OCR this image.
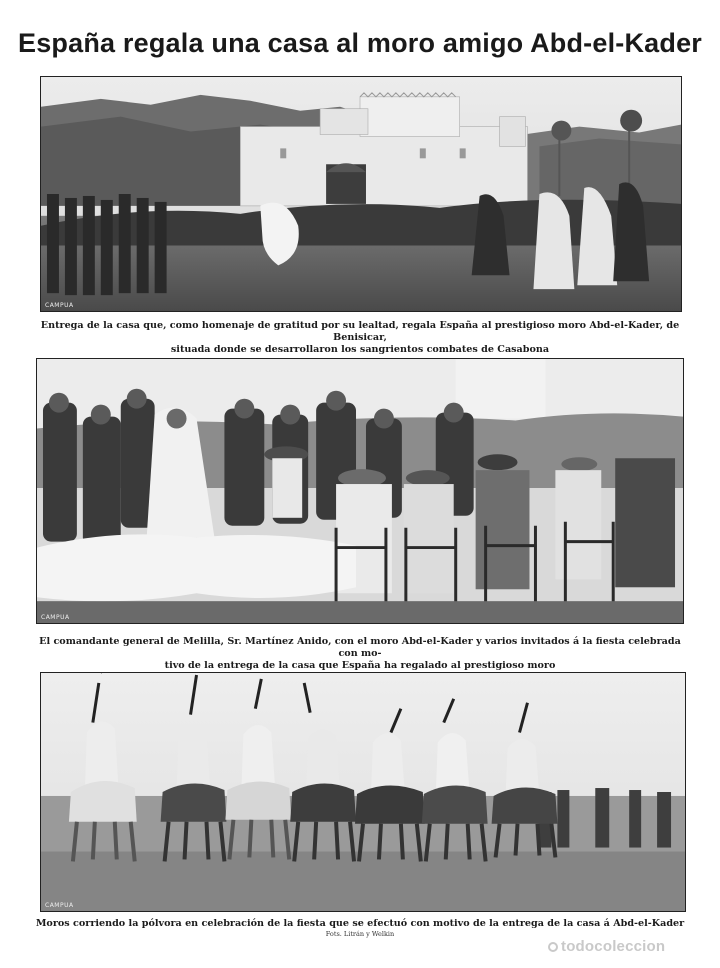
España regala una casa al moro amigo Abd-el-Kader
CAMPUA
Entrega de la casa que, como homenaje de gratitud por su lealtad, regala España al prestigioso moro Abd-el-Kader, de Benisicar,
situada donde se desarrollaron los sangrientos combates de Casabona
CAMPUA
El comandante general de Melilla, Sr. Martínez Anido, con el moro Abd-el-Kader y varios invitados á la fiesta celebrada con mo-
tivo de la entrega de la casa que España ha regalado al prestigioso moro
CAMPUA
Moros corriendo la pólvora en celebración de la fiesta que se efectuó con motivo de la entrega de la casa á Abd-el-Kader
Fots. Litrán y Welkin
todocoleccion
